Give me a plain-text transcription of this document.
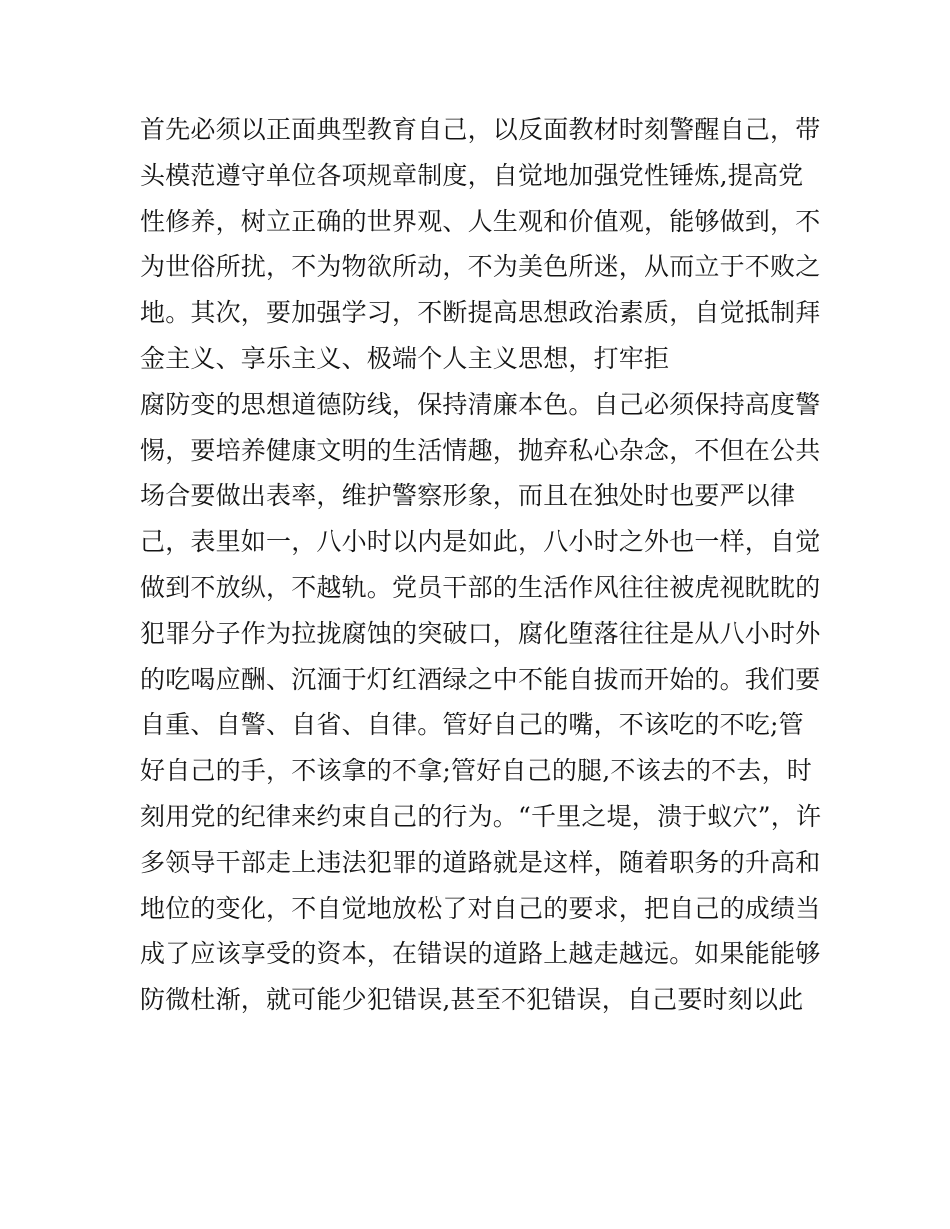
首先必须以正面典型教育自己，以反面教材时刻警醒自己，带
头模范遵守单位各项规章制度，自觉地加强党性锤炼,提高党
性修养，树立正确的世界观、人生观和价值观，能够做到，不
为世俗所扰，不为物欲所动，不为美色所迷，从而立于不败之
地。其次，要加强学习，不断提高思想政治素质，自觉抵制拜
金主义、享乐主义、极端个人主义思想，打牢拒
腐防变的思想道德防线，保持清廉本色。自己必须保持高度警
惕，要培养健康文明的生活情趣，抛弃私心杂念，不但在公共
场合要做出表率，维护警察形象，而且在独处时也要严以律
己，表里如一，八小时以内是如此，八小时之外也一样，自觉
做到不放纵，不越轨。党员干部的生活作风往往被虎视眈眈的
犯罪分子作为拉拢腐蚀的突破口，腐化堕落往往是从八小时外
的吃喝应酬、沉湎于灯红酒绿之中不能自拔而开始的。我们要
自重、自警、自省、自律。管好自己的嘴，不该吃的不吃;管
好自己的手，不该拿的不拿;管好自己的腿,不该去的不去，时
刻用党的纪律来约束自己的行为。“千里之堤，溃于蚁穴”，许
多领导干部走上违法犯罪的道路就是这样，随着职务的升高和
地位的变化，不自觉地放松了对自己的要求，把自己的成绩当
成了应该享受的资本，在错误的道路上越走越远。如果能能够
防微杜渐，就可能少犯错误,甚至不犯错误，自己要时刻以此
